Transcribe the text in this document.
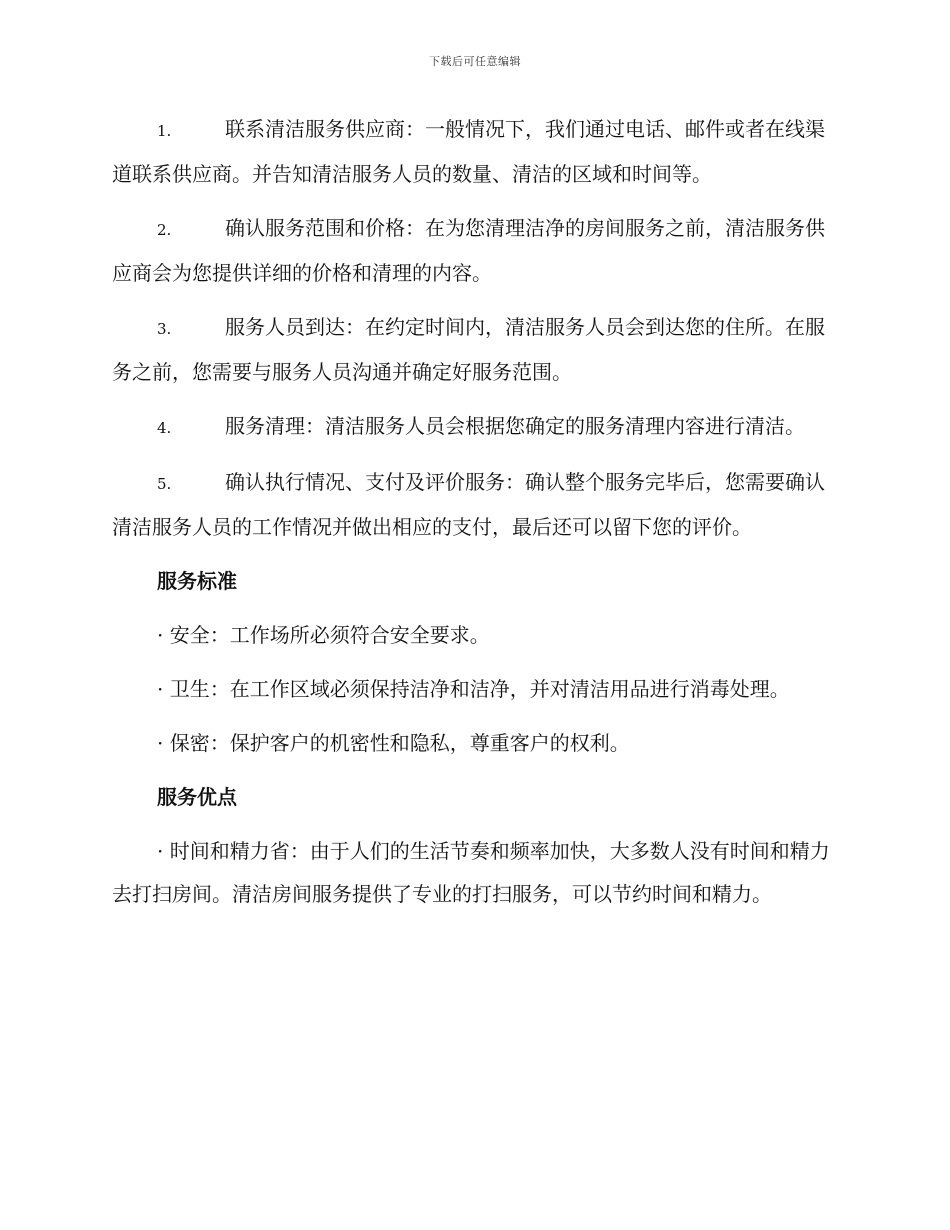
下载后可任意编辑

1.	联系清洁服务供应商：一般情况下，我们通过电话、邮件或者在线渠道联系供应商。并告知清洁服务人员的数量、清洁的区域和时间等。

2.	确认服务范围和价格：在为您清理洁净的房间服务之前，清洁服务供应商会为您提供详细的价格和清理的内容。

3.	服务人员到达：在约定时间内，清洁服务人员会到达您的住所。在服务之前，您需要与服务人员沟通并确定好服务范围。

4.	服务清理：清洁服务人员会根据您确定的服务清理内容进行清洁。

5.	确认执行情况、支付及评价服务：确认整个服务完毕后，您需要确认清洁服务人员的工作情况并做出相应的支付，最后还可以留下您的评价。

服务标准

· 安全：工作场所必须符合安全要求。

· 卫生：在工作区域必须保持洁净和洁净，并对清洁用品进行消毒处理。

· 保密：保护客户的机密性和隐私，尊重客户的权利。

服务优点

· 时间和精力省：由于人们的生活节奏和频率加快，大多数人没有时间和精力去打扫房间。清洁房间服务提供了专业的打扫服务，可以节约时间和精力。
